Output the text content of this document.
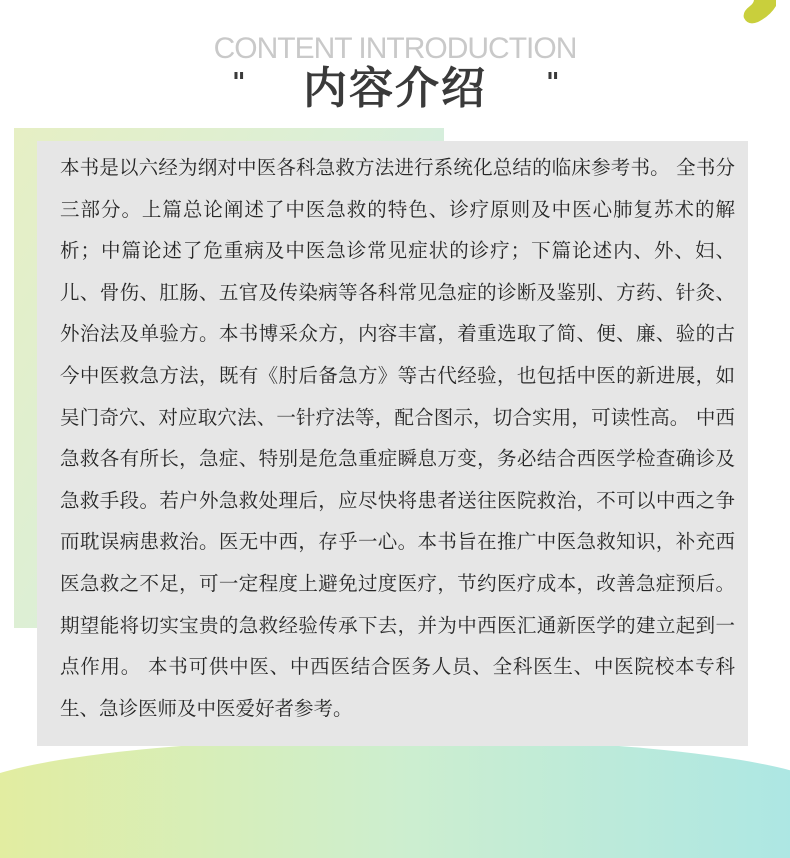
CONTENT INTRODUCTION
"	内容介绍	"

本书是以六经为纲对中医各科急救方法进行系统化总结的临床参考书。 全书分三部分。上篇总论阐述了中医急救的特色、诊疗原则及中医心肺复苏术的解析；中篇论述了危重病及中医急诊常见症状的诊疗；下篇论述内、外、妇、儿、骨伤、肛肠、五官及传染病等各科常见急症的诊断及鉴别、方药、针灸、外治法及单验方。本书博采众方，内容丰富，着重选取了简、便、廉、验的古今中医救急方法，既有《肘后备急方》等古代经验，也包括中医的新进展，如吴门奇穴、对应取穴法、一针疗法等，配合图示，切合实用，可读性高。 中西急救各有所长，急症、特别是危急重症瞬息万变，务必结合西医学检查确诊及急救手段。若户外急救处理后，应尽快将患者送往医院救治，不可以中西之争而耽误病患救治。医无中西，存乎一心。本书旨在推广中医急救知识，补充西医急救之不足，可一定程度上避免过度医疗，节约医疗成本，改善急症预后。期望能将切实宝贵的急救经验传承下去，并为中西医汇通新医学的建立起到一点作用。 本书可供中医、中西医结合医务人员、全科医生、中医院校本专科生、急诊医师及中医爱好者参考。
